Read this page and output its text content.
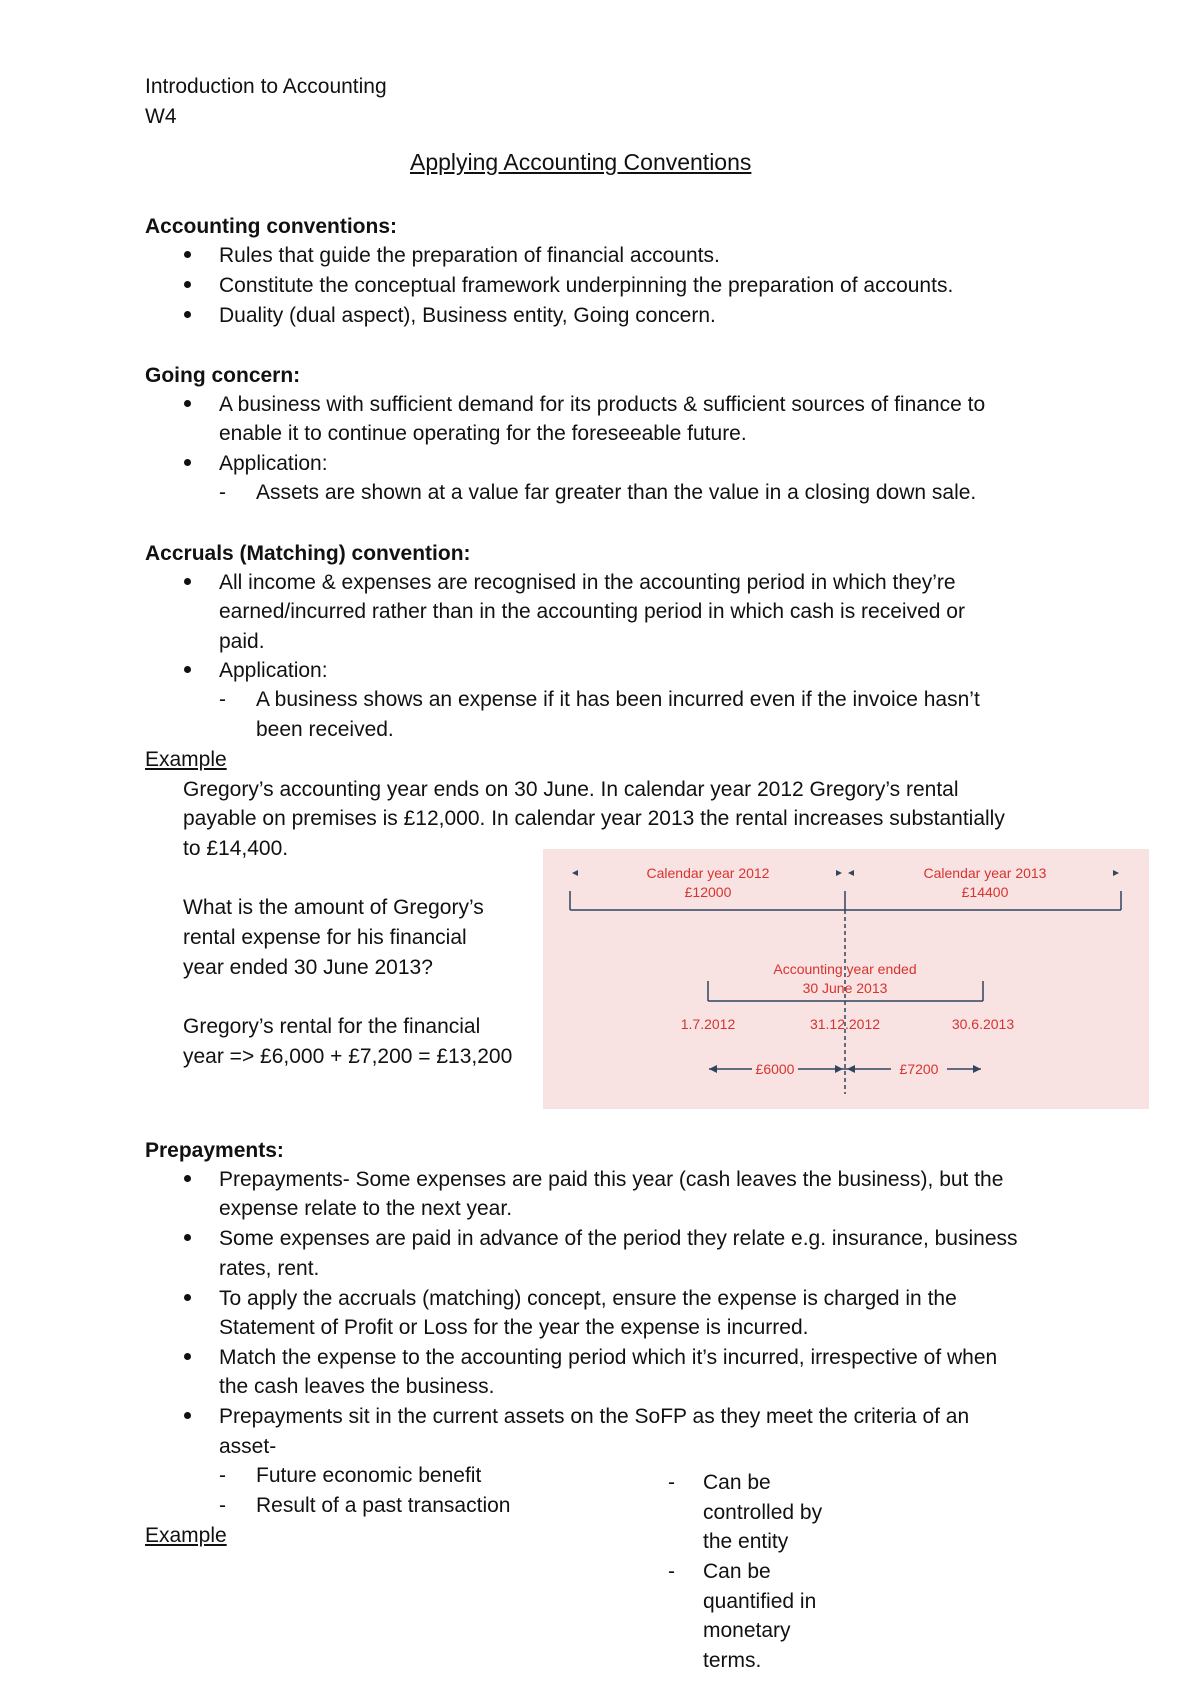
Introduction to Accounting
W4
Applying Accounting Conventions
Accounting conventions:
Rules that guide the preparation of financial accounts.
Constitute the conceptual framework underpinning the preparation of accounts.
Duality (dual aspect), Business entity, Going concern.
Going concern:
A business with sufficient demand for its products & sufficient sources of finance to
enable it to continue operating for the foreseeable future.
Application:
- Assets are shown at a value far greater than the value in a closing down sale.
Accruals (Matching) convention:
All income & expenses are recognised in the accounting period in which they’re
earned/incurred rather than in the accounting period in which cash is received or
paid.
Application:
- A business shows an expense if it has been incurred even if the invoice hasn’t
been received.
Example
Gregory’s accounting year ends on 30 June. In calendar year 2012 Gregory’s rental
payable on premises is £12,000. In calendar year 2013 the rental increases substantially
to £14,400.
What is the amount of Gregory’s
rental expense for his financial
year ended 30 June 2013?
Gregory’s rental for the financial
year => £6,000 + £7,200 = £13,200
Calendar year 2012
£12000
Calendar year 2013
£14400
Accounting year ended
30 June 2013
1.7.2012	31.12.2012	30.6.2013
£6000	£7200
Prepayments:
Prepayments- Some expenses are paid this year (cash leaves the business), but the
expense relate to the next year.
Some expenses are paid in advance of the period they relate e.g. insurance, business
rates, rent.
To apply the accruals (matching) concept, ensure the expense is charged in the
Statement of Profit or Loss for the year the expense is incurred.
Match the expense to the accounting period which it’s incurred, irrespective of when
the cash leaves the business.
Prepayments sit in the current assets on the SoFP as they meet the criteria of an
asset-
- Future economic benefit
- Result of a past transaction
Example
- Can be
controlled by
the entity
- Can be
quantified in
monetary
terms.
